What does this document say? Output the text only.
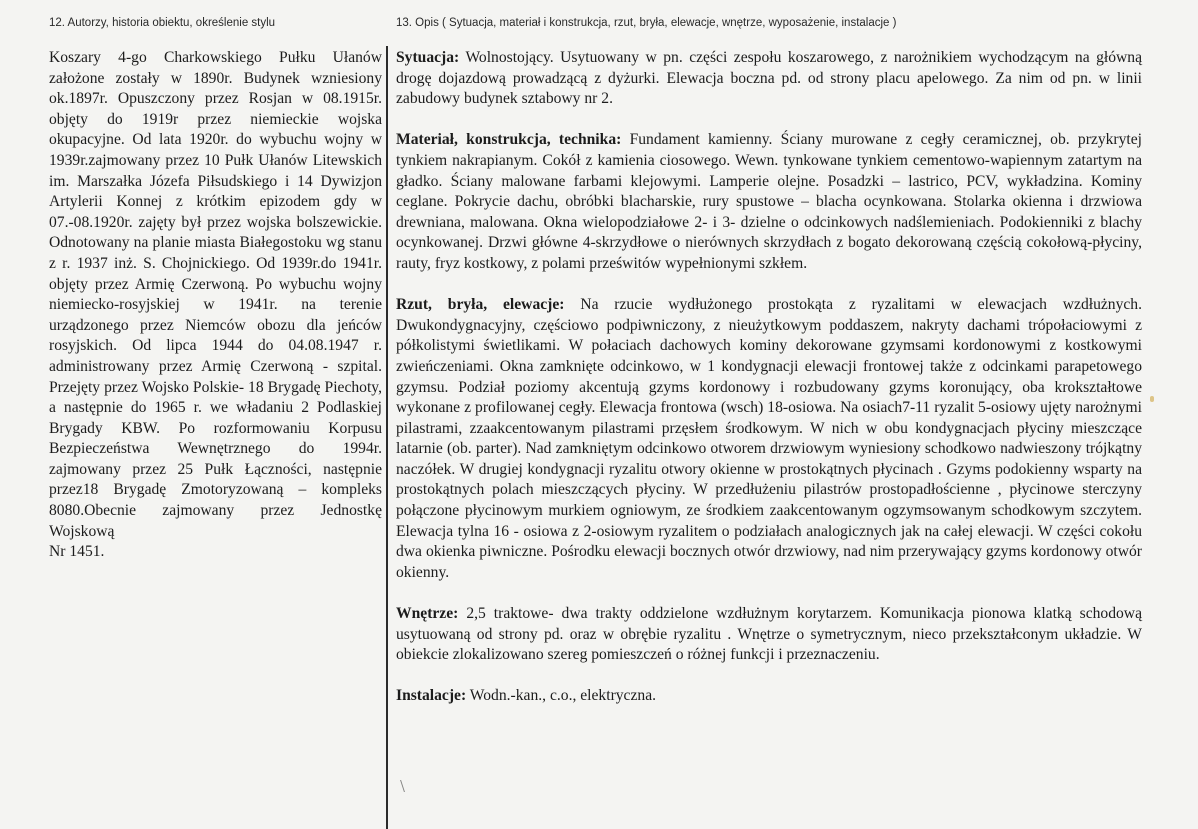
12. Autorzy, historia obiektu, określenie stylu	13. Opis ( Sytuacja, materiał i konstrukcja, rzut, bryła, elewacje, wnętrze, wyposażenie, instalacje )

Koszary 4-go Charkowskiego Pułku Ułanów założone zostały w 1890r. Budynek wzniesiony ok.1897r. Opuszczony przez Rosjan w 08.1915r. objęty do 1919r przez niemieckie wojska okupacyjne. Od lata 1920r. do wybuchu wojny w 1939r.zajmowany przez 10 Pułk Ułanów Litewskich im. Marszałka Józefa Piłsudskiego i 14 Dywizjon Artylerii Konnej z krótkim epizodem gdy w 07.-08.1920r. zajęty był przez wojska bolszewickie. Odnotowany na planie miasta Białegostoku wg stanu z r. 1937 inż. S. Chojnickiego. Od 1939r.do 1941r. objęty przez Armię Czerwoną. Po wybuchu wojny niemiecko-rosyjskiej w 1941r. na terenie urządzonego przez Niemców obozu dla jeńców rosyjskich. Od lipca 1944 do 04.08.1947 r. administrowany przez Armię Czerwoną - szpital. Przejęty przez Wojsko Polskie- 18 Brygadę Piechoty, a następnie do 1965 r. we władaniu 2 Podlaskiej Brygady KBW. Po rozformowaniu Korpusu Bezpieczeństwa Wewnętrznego do 1994r. zajmowany przez 25 Pułk Łączności, następnie przez18 Brygadę Zmotoryzowaną – kompleks 8080.Obecnie zajmowany przez Jednostkę Wojskową

Nr 1451.

Sytuacja: Wolnostojący. Usytuowany w pn. części zespołu koszarowego, z narożnikiem wychodzącym na główną drogę dojazdową prowadzącą z dyżurki. Elewacja boczna pd. od strony placu apelowego. Za nim od pn. w linii zabudowy budynek sztabowy nr 2.

Materiał, konstrukcja, technika: Fundament kamienny. Ściany murowane z cegły ceramicznej, ob. przykrytej tynkiem nakrapianym. Cokół z kamienia ciosowego. Wewn. tynkowane tynkiem cementowo-wapiennym zatartym na gładko. Ściany malowane farbami klejowymi. Lamperie olejne. Posadzki – lastrico, PCV, wykładzina. Kominy ceglane. Pokrycie dachu, obróbki blacharskie, rury spustowe – blacha ocynkowana. Stolarka okienna i drzwiowa drewniana, malowana. Okna wielopodziałowe 2- i 3- dzielne o odcinkowych nadślemieniach. Podokienniki z blachy ocynkowanej. Drzwi główne 4-skrzydłowe o nierównych skrzydłach z bogato dekorowaną częścią cokołową-płyciny, rauty, fryz kostkowy, z polami prześwitów wypełnionymi szkłem.

Rzut, bryła, elewacje: Na rzucie wydłużonego prostokąta z ryzalitami w elewacjach wzdłużnych. Dwukondygnacyjny, częściowo podpiwniczony, z nieużytkowym poddaszem, nakryty dachami trópołaciowymi z półkolistymi świetlikami. W połaciach dachowych kominy dekorowane gzymsami kordonowymi z kostkowymi zwieńczeniami. Okna zamknięte odcinkowo, w 1 kondygnacji elewacji frontowej także z odcinkami parapetowego gzymsu. Podział poziomy akcentują gzyms kordonowy i rozbudowany gzyms koronujący, oba krokształtowe wykonane z profilowanej cegły. Elewacja frontowa (wsch) 18-osiowa. Na osiach7-11 ryzalit 5-osiowy ujęty narożnymi pilastrami, zzaakcentowanym pilastrami przęsłem środkowym. W nich w obu kondygnacjach płyciny mieszczące latarnie (ob. parter). Nad zamkniętym odcinkowo otworem drzwiowym wyniesiony schodkowo nadwieszony trójkątny naczółek. W drugiej kondygnacji ryzalitu otwory okienne w prostokątnych płycinach . Gzyms podokienny wsparty na prostokątnych polach mieszczących płyciny. W przedłużeniu pilastrów prostopadłościenne , płycinowe sterczyny połączone płycinowym murkiem ogniowym, ze środkiem zaakcentowanym ogzymsowanym schodkowym szczytem. Elewacja tylna 16 - osiowa z 2-osiowym ryzalitem o podziałach analogicznych jak na całej elewacji. W części cokołu dwa okienka piwniczne. Pośrodku elewacji bocznych otwór drzwiowy, nad nim przerywający gzyms kordonowy otwór okienny.

Wnętrze: 2,5 traktowe- dwa trakty oddzielone wzdłużnym korytarzem. Komunikacja pionowa klatką schodową usytuowaną od strony pd. oraz w obrębie ryzalitu . Wnętrze o symetrycznym, nieco przekształconym układzie. W obiekcie zlokalizowano szereg pomieszczeń o różnej funkcji i przeznaczeniu.

Instalacje: Wodn.-kan., c.o., elektryczna.
